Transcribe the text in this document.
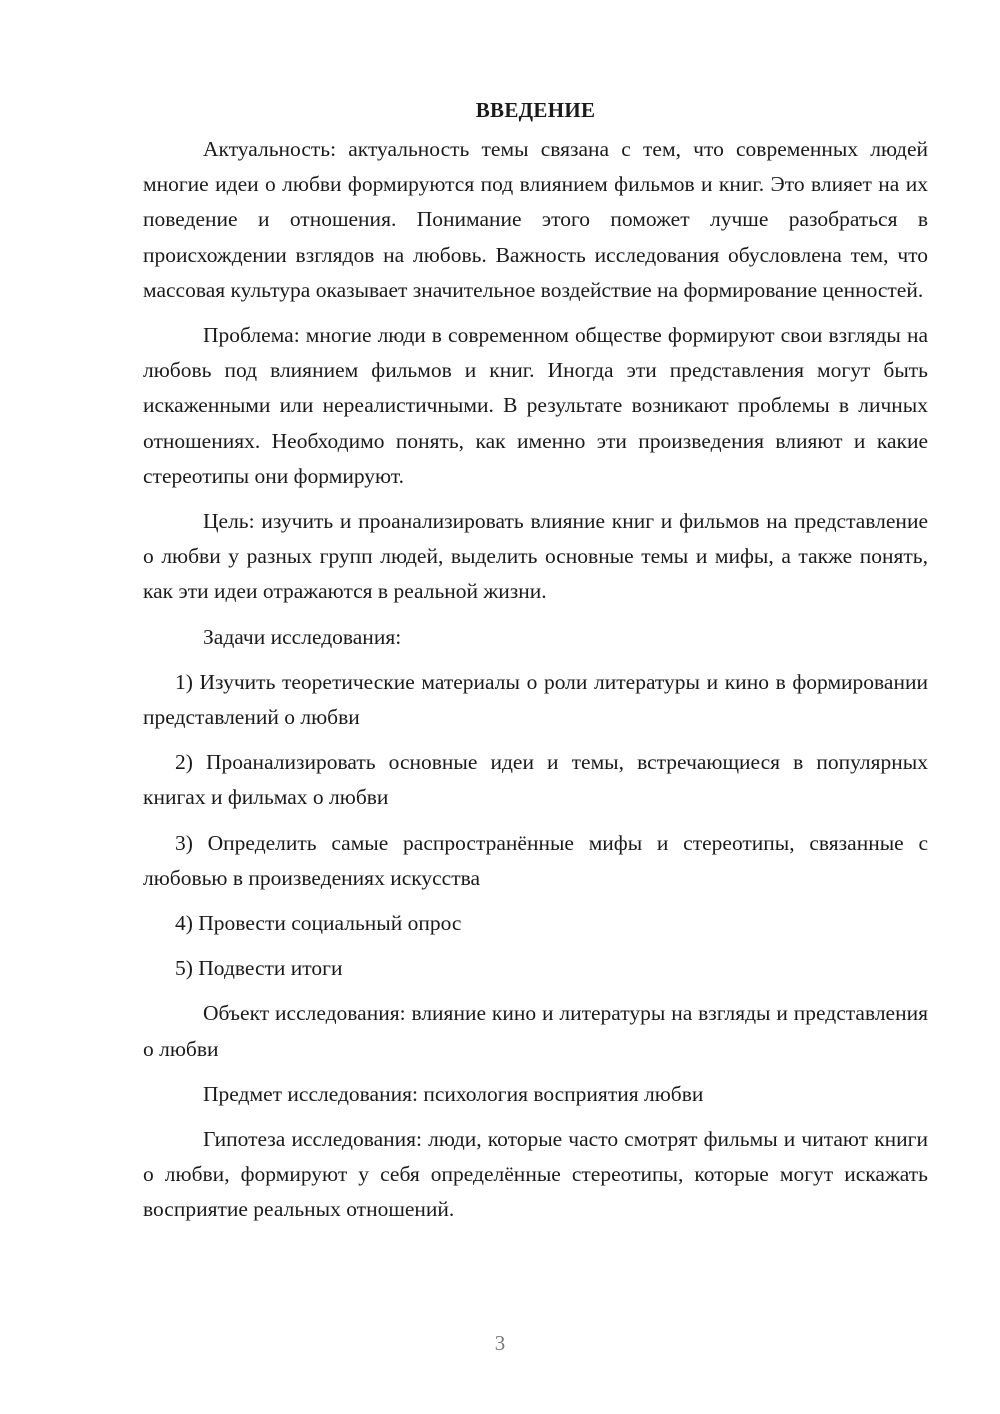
ВВЕДЕНИЕ

Актуальность: актуальность темы связана с тем, что современных людей многие идеи о любви формируются под влиянием фильмов и книг. Это влияет на их поведение и отношения. Понимание этого поможет лучше разобраться в происхождении взглядов на любовь. Важность исследования обусловлена тем, что массовая культура оказывает значительное воздействие на формирование ценностей.

Проблема: многие люди в современном обществе формируют свои взгляды на любовь под влиянием фильмов и книг. Иногда эти представления могут быть искаженными или нереалистичными. В результате возникают проблемы в личных отношениях. Необходимо понять, как именно эти произведения влияют и какие стереотипы они формируют.

Цель: изучить и проанализировать влияние книг и фильмов на представление о любви у разных групп людей, выделить основные темы и мифы, а также понять, как эти идеи отражаются в реальной жизни.

Задачи исследования:

1) Изучить теоретические материалы о роли литературы и кино в формировании представлений о любви

2) Проанализировать основные идеи и темы, встречающиеся в популярных книгах и фильмах о любви

3) Определить самые распространённые мифы и стереотипы, связанные с любовью в произведениях искусства

4) Провести социальный опрос

5) Подвести итоги

Объект исследования: влияние кино и литературы на взгляды и представления о любви

Предмет исследования: психология восприятия любви

Гипотеза исследования: люди, которые часто смотрят фильмы и читают книги о любви, формируют у себя определённые стереотипы, которые могут искажать восприятие реальных отношений.

3
